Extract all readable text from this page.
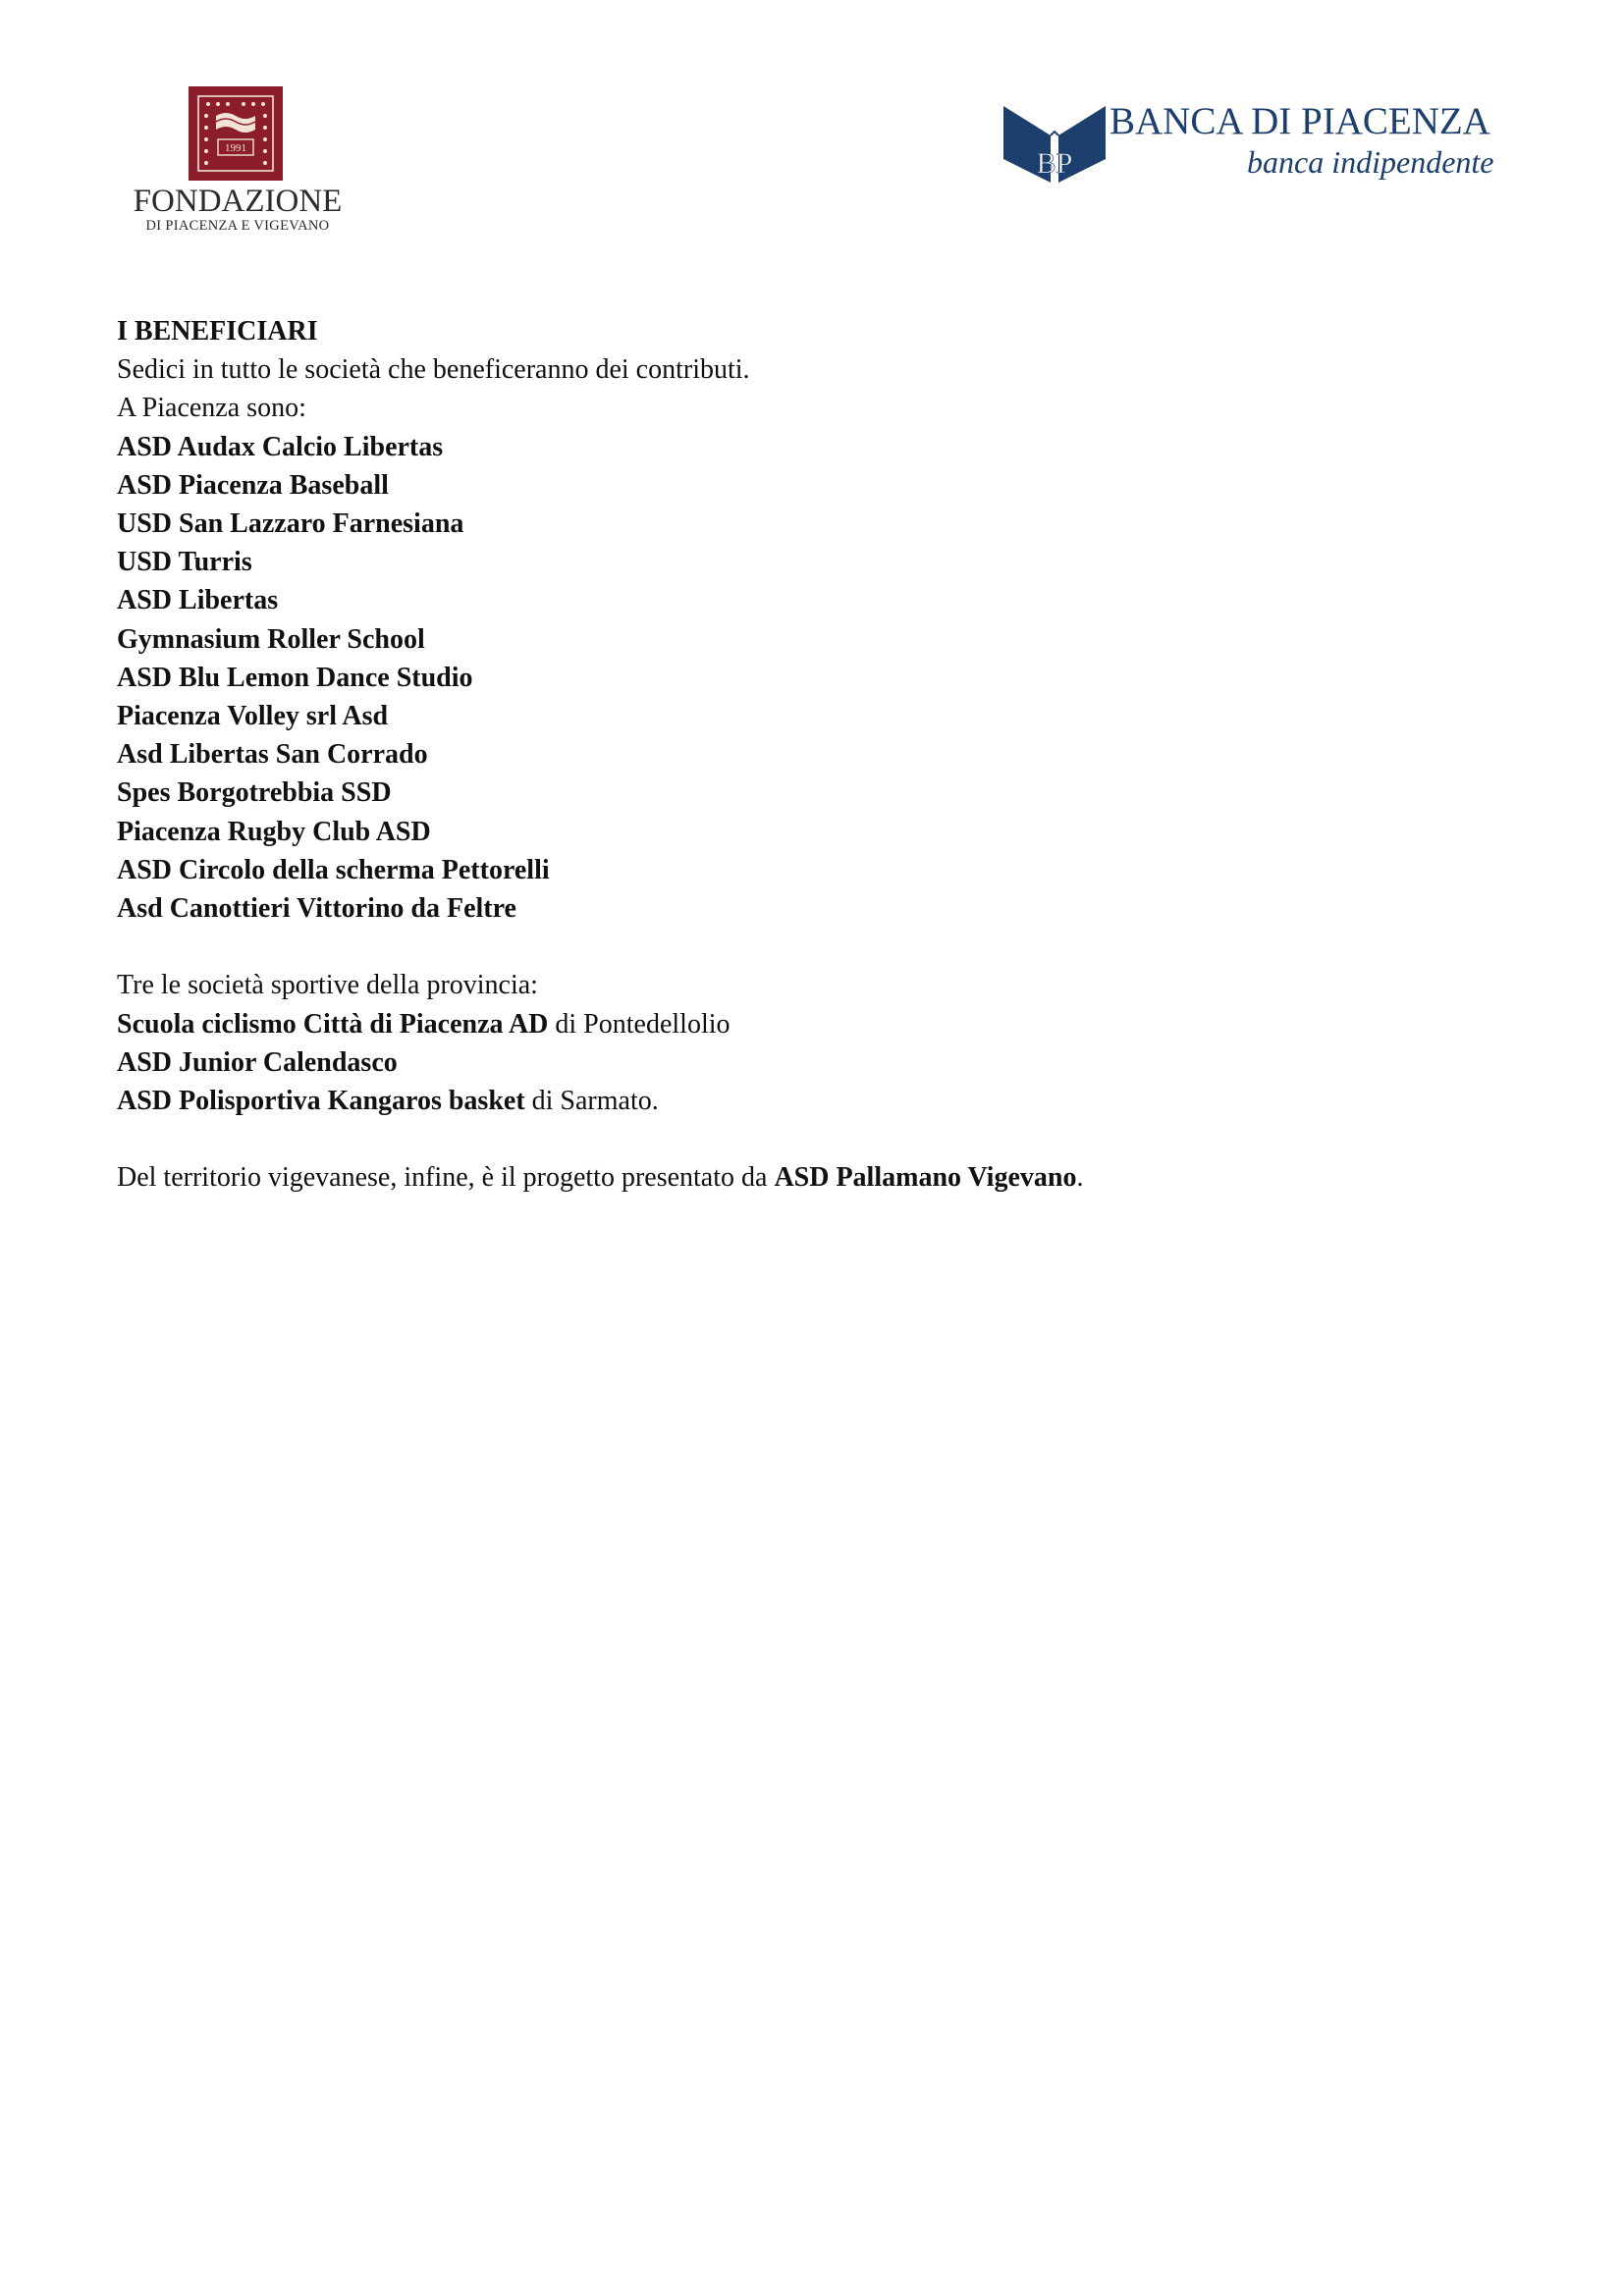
1991
FONDAZIONE
DI PIACENZA E VIGEVANO
BP
BANCA DI PIACENZA
banca indipendente

I BENEFICIARI

Sedici in tutto le società che beneficeranno dei contributi.

A Piacenza sono:

ASD Audax Calcio Libertas

ASD Piacenza Baseball

USD San Lazzaro Farnesiana

USD Turris

ASD Libertas

Gymnasium Roller School

ASD Blu Lemon Dance Studio

Piacenza Volley srl Asd

Asd Libertas San Corrado

Spes Borgotrebbia SSD

Piacenza Rugby Club ASD

ASD Circolo della scherma Pettorelli

Asd Canottieri Vittorino da Feltre

Tre le società sportive della provincia:

Scuola ciclismo Città di Piacenza AD di Pontedellolio

ASD Junior Calendasco

ASD Polisportiva Kangaros basket di Sarmato.

Del territorio vigevanese, infine, è il progetto presentato da ASD Pallamano Vigevano.
